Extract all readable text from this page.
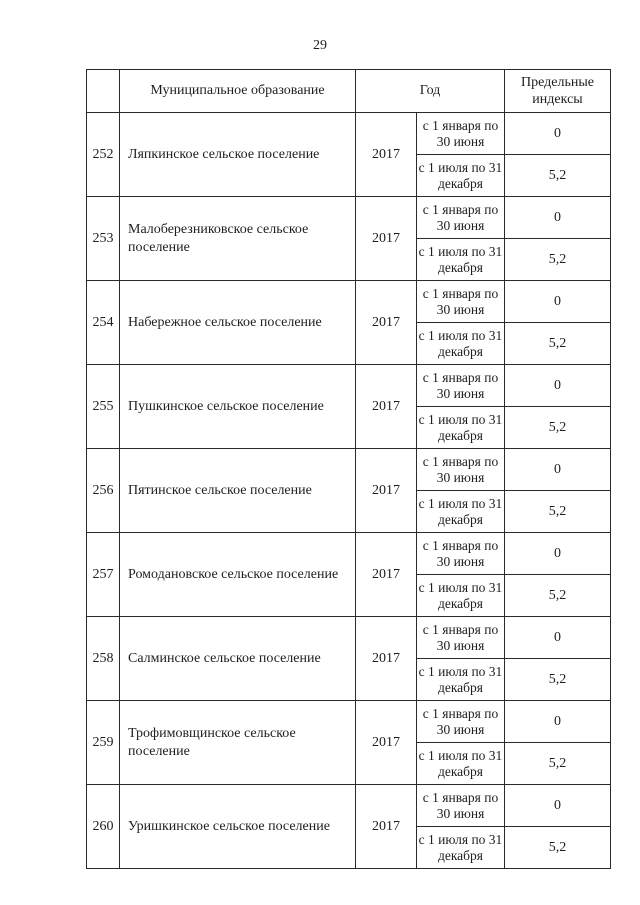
29
	Муниципальное образование	Год		Предельные индексы

252	Ляпкинское сельское поселение	2017	с 1 января по 30 июня	0
			с 1 июля по 31 декабря	5,2
253	Малоберезниковское сельское поселение	2017	с 1 января по 30 июня	0
			с 1 июля по 31 декабря	5,2
254	Набережное сельское поселение	2017	с 1 января по 30 июня	0
			с 1 июля по 31 декабря	5,2
255	Пушкинское сельское поселение	2017	с 1 января по 30 июня	0
			с 1 июля по 31 декабря	5,2
256	Пятинское сельское поселение	2017	с 1 января по 30 июня	0
			с 1 июля по 31 декабря	5,2
257	Ромодановское сельское поселение	2017	с 1 января по 30 июня	0
			с 1 июля по 31 декабря	5,2
258	Салминское сельское поселение	2017	с 1 января по 30 июня	0
			с 1 июля по 31 декабря	5,2
259	Трофимовщинское сельское поселение	2017	с 1 января по 30 июня	0
			с 1 июля по 31 декабря	5,2
260	Уришкинское сельское поселение	2017	с 1 января по 30 июня	0
			с 1 июля по 31 декабря	5,2
